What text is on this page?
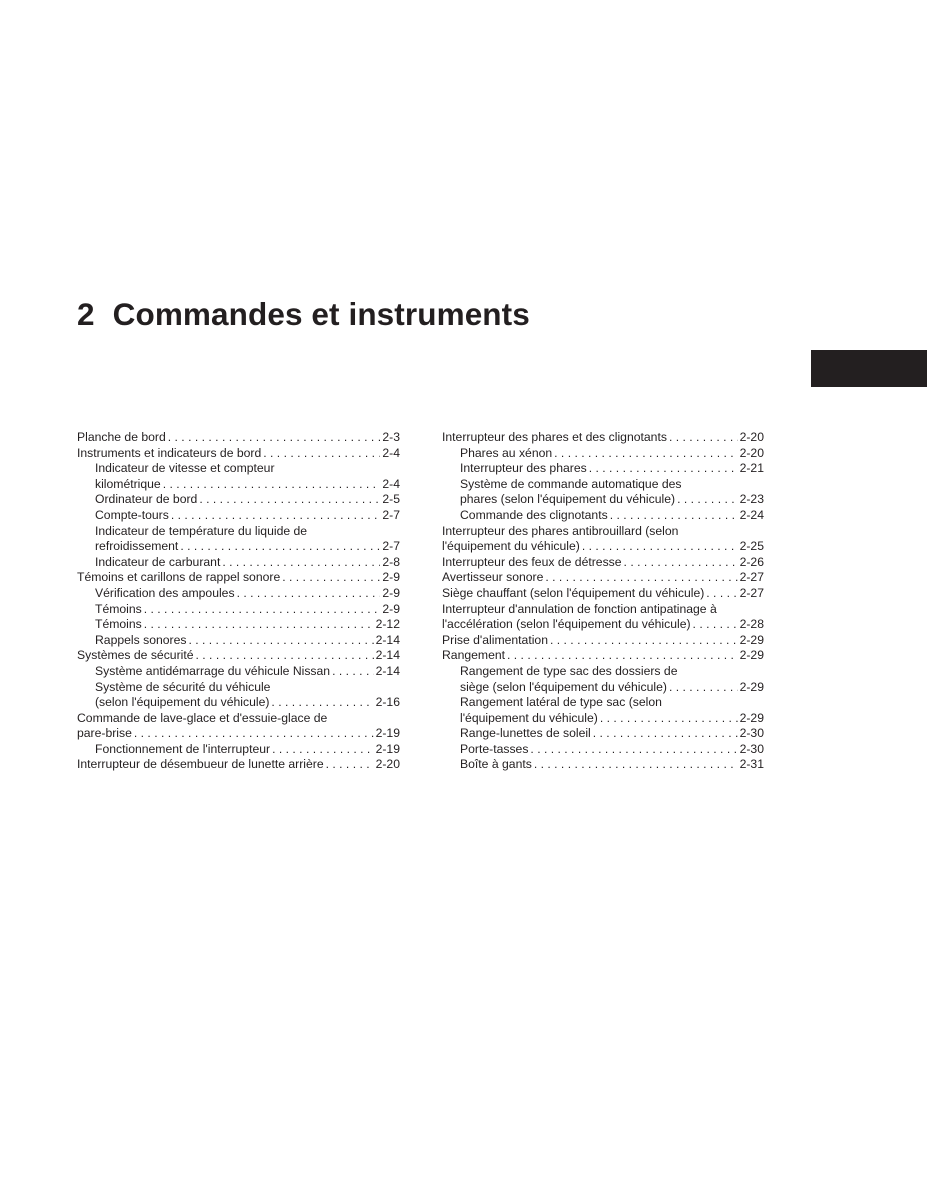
2 Commandes et instruments
Planche de bord . . .	2-3
Instruments et indicateurs de bord . . .	2-4
Indicateur de vitesse et compteur
kilométrique . . .	2-4
Ordinateur de bord . . .	2-5
Compte-tours . . .	2-7
Indicateur de température du liquide de
refroidissement . . .	2-7
Indicateur de carburant . . .	2-8
Témoins et carillons de rappel sonore . . .	2-9
Vérification des ampoules . . .	2-9
Témoins . . .	2-9
Témoins . . .	2-12
Rappels sonores . . .	2-14
Systèmes de sécurité . . .	2-14
Système antidémarrage du véhicule Nissan . . .	2-14
Système de sécurité du véhicule
(selon l'équipement du véhicule) . . .	2-16
Commande de lave-glace et d'essuie-glace de
pare-brise . . .	2-19
Fonctionnement de l'interrupteur . . .	2-19
Interrupteur de désembueur de lunette arrière . . .	2-20
Interrupteur des phares et des clignotants . . .	2-20
Phares au xénon . . .	2-20
Interrupteur des phares . . .	2-21
Système de commande automatique des
phares (selon l'équipement du véhicule) . . .	2-23
Commande des clignotants . . .	2-24
Interrupteur des phares antibrouillard (selon
l'équipement du véhicule) . . .	2-25
Interrupteur des feux de détresse . . .	2-26
Avertisseur sonore . . .	2-27
Siège chauffant (selon l'équipement du véhicule) . . .	2-27
Interrupteur d'annulation de fonction antipatinage à
l'accélération (selon l'équipement du véhicule) . . .	2-28
Prise d'alimentation . . .	2-29
Rangement . . .	2-29
Rangement de type sac des dossiers de
siège (selon l'équipement du véhicule) . . .	2-29
Rangement latéral de type sac (selon
l'équipement du véhicule) . . .	2-29
Range-lunettes de soleil . . .	2-30
Porte-tasses . . .	2-30
Boîte à gants . . .	2-31
